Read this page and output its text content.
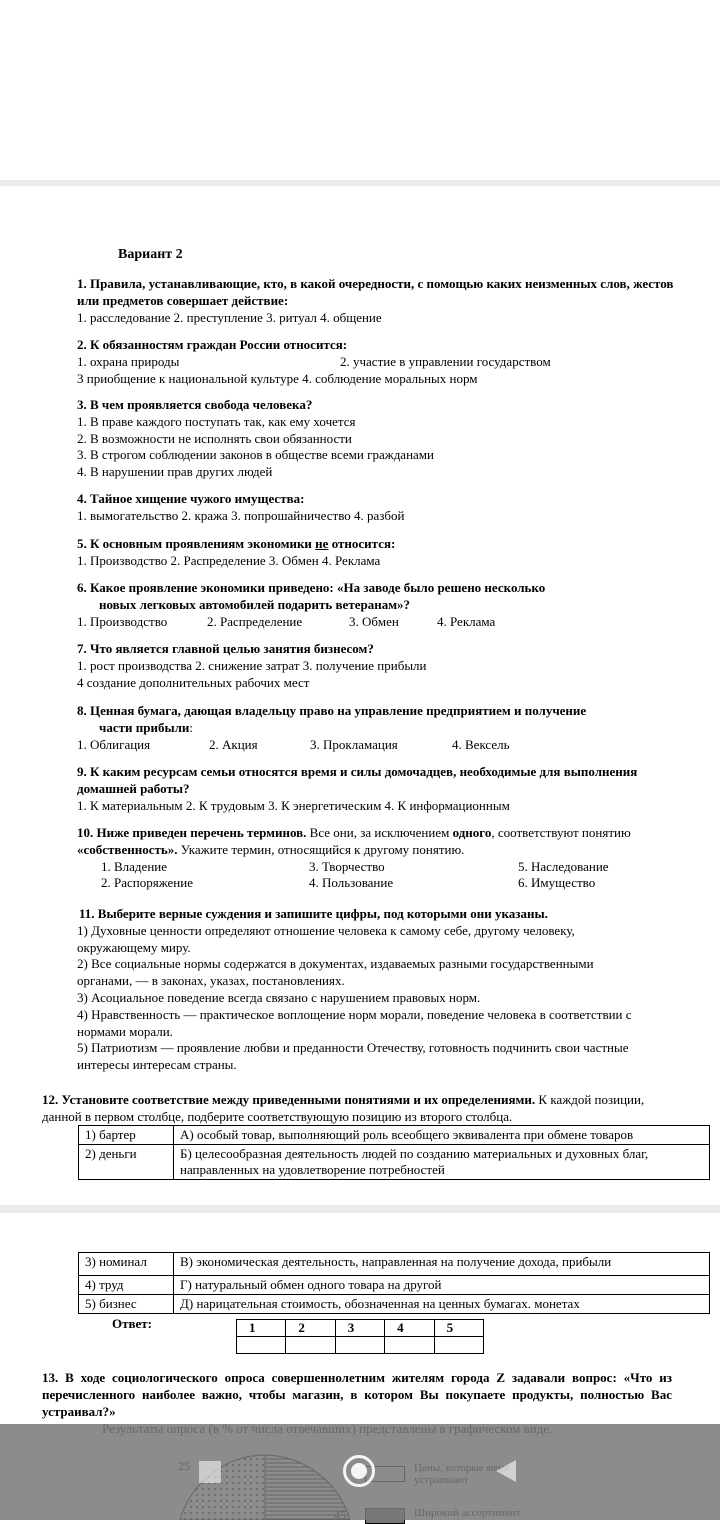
Вариант 2
1. Правила, устанавливающие, кто, в какой очередности, с помощью каких неизменных слов, жестов или предметов совершает действие:
1. расследование 2. преступление 3. ритуал 4. общение
2. К обязанностям граждан России относится:
1. охрана природы	2. участие в управлении государством
3 приобщение к национальной культуре 4. соблюдение моральных норм
3. В чем проявляется свобода человека?
1. В праве каждого поступать так, как ему хочется
2. В возможности не исполнять свои обязанности
3. В строгом соблюдении законов в обществе всеми гражданами
4. В нарушении прав других людей
4. Тайное хищение чужого имущества:
1. вымогательство 2. кража 3. попрошайничество 4. разбой
5. К основным проявлениям экономики не относится:
1. Производство 2. Распределение 3. Обмен 4. Реклама
6. Какое проявление экономики приведено: «На заводе было решено несколько
новых легковых автомобилей подарить ветеранам»?
1. Производство	2. Распределение	3. Обмен	4. Реклама
7. Что является главной целью занятия бизнесом?
1. рост производства 2. снижение затрат 3. получение прибыли
4 создание дополнительных рабочих мест
8. Ценная бумага, дающая владельцу право на управление предприятием и получение
части прибыли:
1. Облигация	2. Акция	3. Прокламация	4. Вексель
9. К каким ресурсам семьи относятся время и силы домочадцев, необходимые для выполнения домашней работы?
1. К материальным 2. К трудовым 3. К энергетическим 4. К информационным
10. Ниже приведен перечень терминов. Все они, за исключением одного, соответствуют понятию «собственность». Укажите термин, относящийся к другому понятию.
1. Владение	3. Творчество	5. Наследование
2. Распоряжение	4. Пользование	6. Имущество
11. Выберите верные суждения и запишите цифры, под которыми они указаны.
1) Духовные ценности определяют отношение человека к самому себе, другому человеку, окружающему миру.
2) Все социальные нормы содержатся в документах, издаваемых разными государственными органами, — в законах, указах, постановлениях.
3) Асоциальное поведение всегда связано с нарушением правовых норм.
4) Нравственность — практическое воплощение норм морали, поведение человека в соответствии с нормами морали.
5) Патриотизм — проявление любви и преданности Отечеству, готовность подчинить свои частные интересы интересам страны.
12. Установите соответствие между приведенными понятиями и их определениями. К каждой позиции, данной в первом столбце, подберите соответствующую позицию из второго столбца.
1) бартер	А) особый товар, выполняющий роль всеобщего эквивалента при обмене товаров
2) деньги	Б) целесообразная деятельность людей по созданию материальных и духовных благ, направленных на удовлетворение потребностей
3) номинал	В) экономическая деятельность, направленная на получение дохода, прибыли
4) труд	Г) натуральный обмен одного товара на другой
5) бизнес	Д) нарицательная стоимость, обозначенная на ценных бумагах. монетах
Ответ:	1	2	3	4	5

13. В ходе социологического опроса совершеннолетним жителям города Z задавали вопрос: «Что из перечисленного наиболее важно, чтобы магазин, в котором Вы покупаете продукты, полностью Вас устраивал?»
